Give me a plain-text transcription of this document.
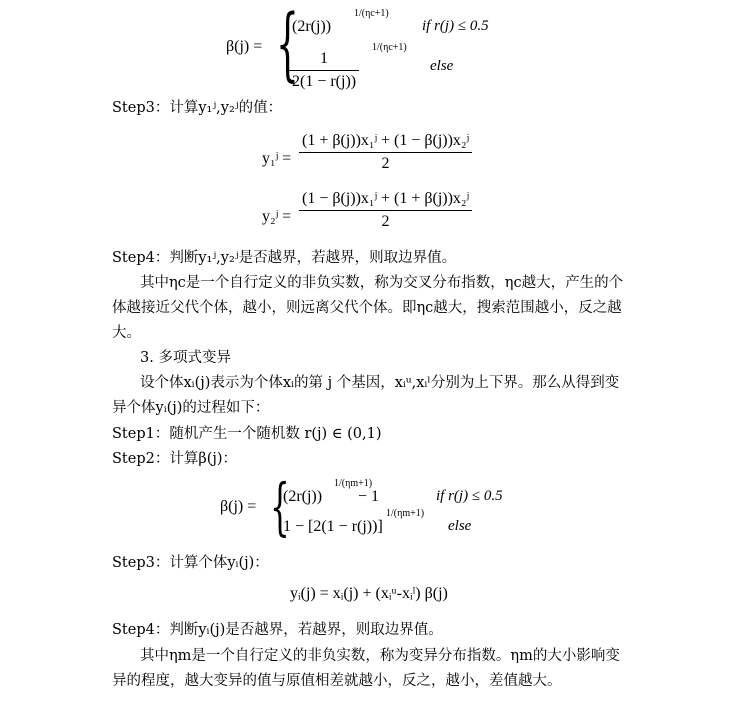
β(j) = {
(2r(j))
1/(ηc+1)
if r(j) ≤ 0.5
$\frac{1}{2(1 - r(j))}$
1/(ηc+1)
else
Step3：计算y₁ʲ,y₂ʲ的值：
y₁ʲ = $\frac{\text{(1 + β(j))x₁ʲ + (1 − β(j))x₂ʲ}}{2}$
y₂ʲ = $\frac{\text{(1 − β(j))x₁ʲ + (1 + β(j))x₂ʲ}}{2}$
Step4：判断y₁ʲ,y₂ʲ是否越界，若越界，则取边界值。
其中ηc是一个自行定义的非负实数，称为交叉分布指数，ηc越大，产生的个
体越接近父代个体，越小，则远离父代个体。即ηc越大，搜索范围越小，反之越
大。
3. 多项式变异
设个体xᵢ(j)表示为个体xᵢ的第 j 个基因，xᵢᵘ,xᵢˡ分别为上下界。那么从得到变
异个体yᵢ(j)的过程如下：
Step1：随机产生一个随机数 r(j) ∈ (0,1)
Step2：计算β(j)：
β(j) = {
(2r(j))
1/(ηm+1)
− 1	if r(j) ≤ 0.5
1 − [2(1 − r(j))]
1/(ηm+1)
else
Step3：计算个体yᵢ(j)：
yᵢ(j) = xᵢ(j) + (xᵢᵘ-xᵢˡ) β(j)
Step4：判断yᵢ(j)是否越界，若越界，则取边界值。
其中ηm是一个自行定义的非负实数，称为变异分布指数。ηm的大小影响变
异的程度，越大变异的值与原值相差就越小，反之，越小，差值越大。
